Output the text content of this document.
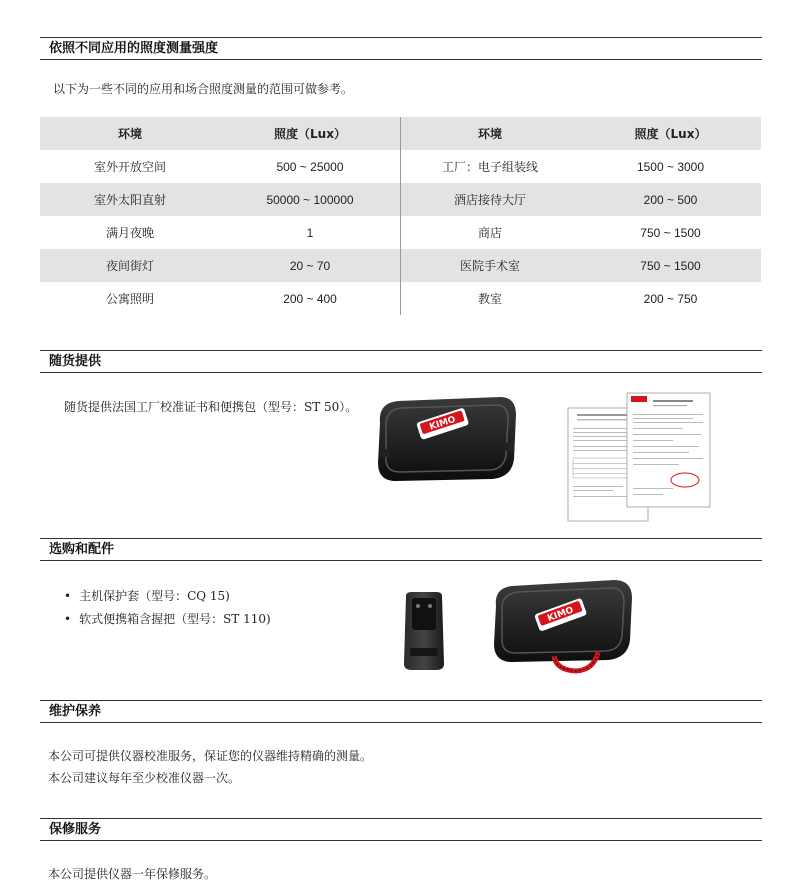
依照不同应用的照度测量强度
以下为一些不同的应用和场合照度测量的范围可做参考。
环境	照度（Lux）	环境	照度（Lux）
室外开放空间	500 ~ 25000	工厂：电子组装线	1500 ~ 3000
室外太阳直射	50000 ~ 100000	酒店接待大厅	200 ~ 500
满月夜晚	1	商店	750 ~ 1500
夜间街灯	20 ~ 70	医院手术室	750 ~ 1500
公寓照明	200 ~ 400	教室	200 ~ 750
随货提供
随货提供法国工厂校准证书和便携包（型号：ST 50）。
KIMO
选购和配件
• 主机保护套（型号：CQ 15)
• 软式便携箱含握把（型号：ST 110)	KIMO
维护保养
本公司可提供仪器校准服务，保证您的仪器维持精确的测量。
本公司建议每年至少校准仪器一次。
保修服务
本公司提供仪器一年保修服务。
